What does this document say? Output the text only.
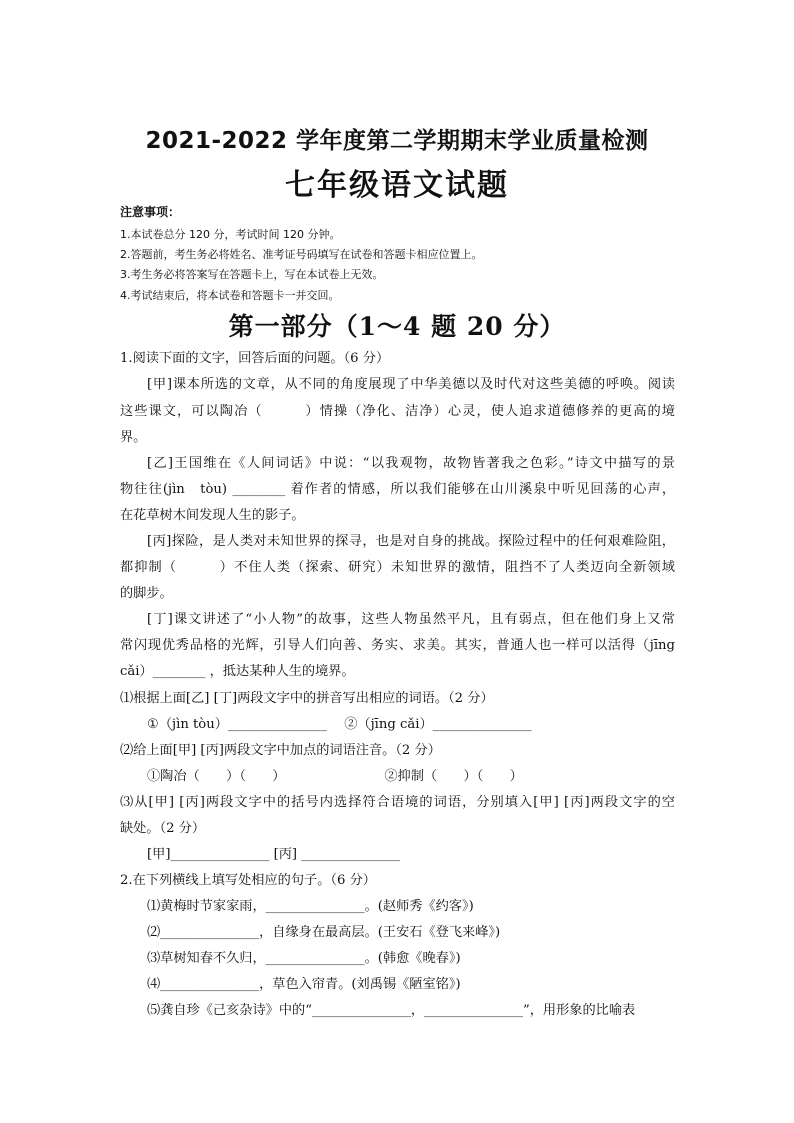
2021-2022 学年度第二学期期末学业质量检测
七年级语文试题
注意事项：
1.本试卷总分 120 分，考试时间 120 分钟。
2.答题前，考生务必将姓名、准考证号码填写在试卷和答题卡相应位置上。
3.考生务必将答案写在答题卡上，写在本试卷上无效。
4.考试结束后，将本试卷和答题卡一并交回。
第一部分（1～4 题 20 分）
1.阅读下面的文字，回答后面的问题。（6 分）
[甲]课本所选的文章，从不同的角度展现了中华美德以及时代对这些美德的呼唤。阅读
这些课文，可以陶冶（　　　）情操（净化、洁净）心灵，使人追求道德修养的更高的境
界。
[乙]王国维在《人间词话》中说：“以我观物，故物皆著我之色彩。”诗文中描写的景
物往往(jìn　tòu) ________ 着作者的情感，所以我们能够在山川溪泉中听见回荡的心声，
在花草树木间发现人生的影子。
[丙]探险，是人类对未知世界的探寻，也是对自身的挑战。探险过程中的任何艰难险阻，
都抑制（　　　）不住人类（探索、研究）未知世界的激情，阻挡不了人类迈向全新领域
的脚步。
[丁]课文讲述了“小人物”的故事，这些人物虽然平凡，且有弱点，但在他们身上又常
常闪现优秀品格的光辉，引导人们向善、务实、求美。其实，普通人也一样可以活得（jīng
cǎi）________ ，抵达某种人生的境界。
⑴根据上面[乙] [丁]两段文字中的拼音写出相应的词语。（2 分）
①（jìn tòu）_______________　 ②（jīng cǎi）_______________
⑵给上面[甲] [丙]两段文字中加点的词语注音。（2 分）
①陶冶（　　）（　　）　　　　　　　　②抑制（　　）（　　）
⑶从[甲] [丙]两段文字中的括号内选择符合语境的词语，分别填入[甲] [丙]两段文字的空
缺处。（2 分）
[甲]_______________ [丙] _______________
2.在下列横线上填写处相应的句子。（6 分）
⑴黄梅时节家家雨，_______________。(赵师秀《约客》)
⑵_______________，自缘身在最高层。(王安石《登飞来峰》)
⑶草树知春不久归，_______________。(韩愈《晚春》)
⑷_______________，草色入帘青。(刘禹锡《陋室铭》)
⑸龚自珍《己亥杂诗》中的“_______________，_______________”，用形象的比喻表
